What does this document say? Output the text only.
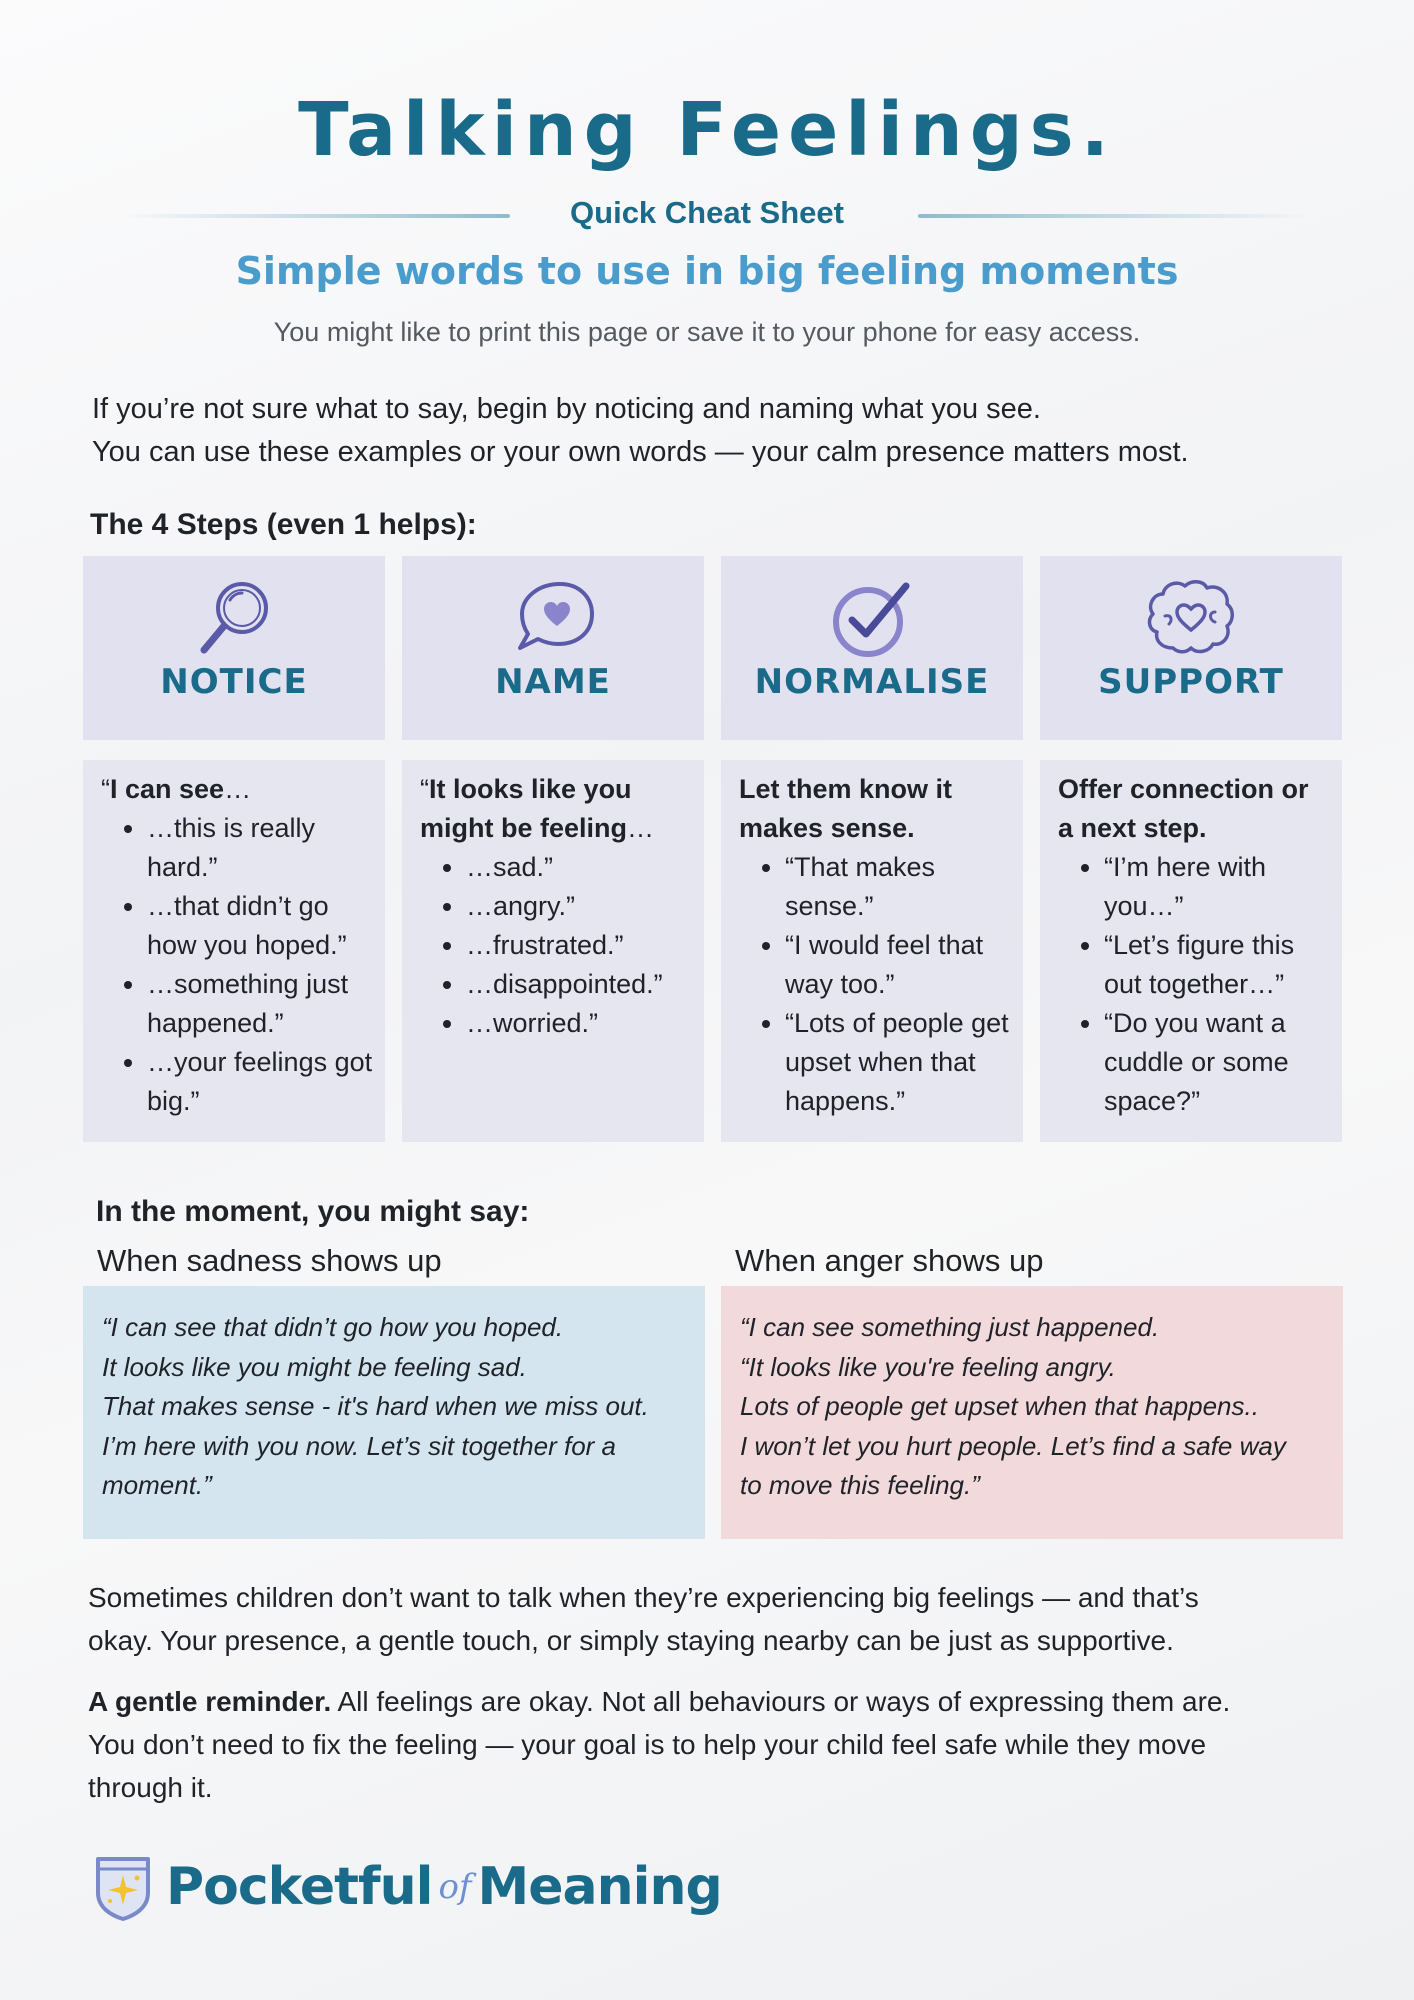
Talking Feelings.
Quick Cheat Sheet
Simple words to use in big feeling moments
You might like to print this page or save it to your phone for easy access.
If you’re not sure what to say, begin by noticing and naming what you see.
You can use these examples or your own words — your calm presence matters most.
The 4 Steps (even 1 helps):
NOTICE	NAME	NORMALISE	SUPPORT
“I can see…
• …this is really hard.”
• …that didn’t go how you hoped.”
• …something just happened.”
• …your feelings got big.”
“It looks like you might be feeling…
• …sad.”
• …angry.”
• …frustrated.”
• …disappointed.”
• …worried.”
Let them know it makes sense.
• “That makes sense.”
• “I would feel that way too.”
• “Lots of people get upset when that happens.”
Offer connection or a next step.
• “I’m here with you…”
• “Let’s figure this out together…”
• “Do you want a cuddle or some space?”
In the moment, you might say:
When sadness shows up	When anger shows up
“I can see that didn’t go how you hoped.
It looks like you might be feeling sad.
That makes sense - it's hard when we miss out.
I’m here with you now. Let’s sit together for a
moment.”
“I can see something just happened.
“It looks like you're feeling angry.
Lots of people get upset when that happens..
I won’t let you hurt people. Let’s find a safe way
to move this feeling.”
Sometimes children don’t want to talk when they’re experiencing big feelings — and that’s
okay. Your presence, a gentle touch, or simply staying nearby can be just as supportive.
A gentle reminder. All feelings are okay. Not all behaviours or ways of expressing them are.
You don’t need to fix the feeling — your goal is to help your child feel safe while they move
through it.
Pocketful of Meaning
